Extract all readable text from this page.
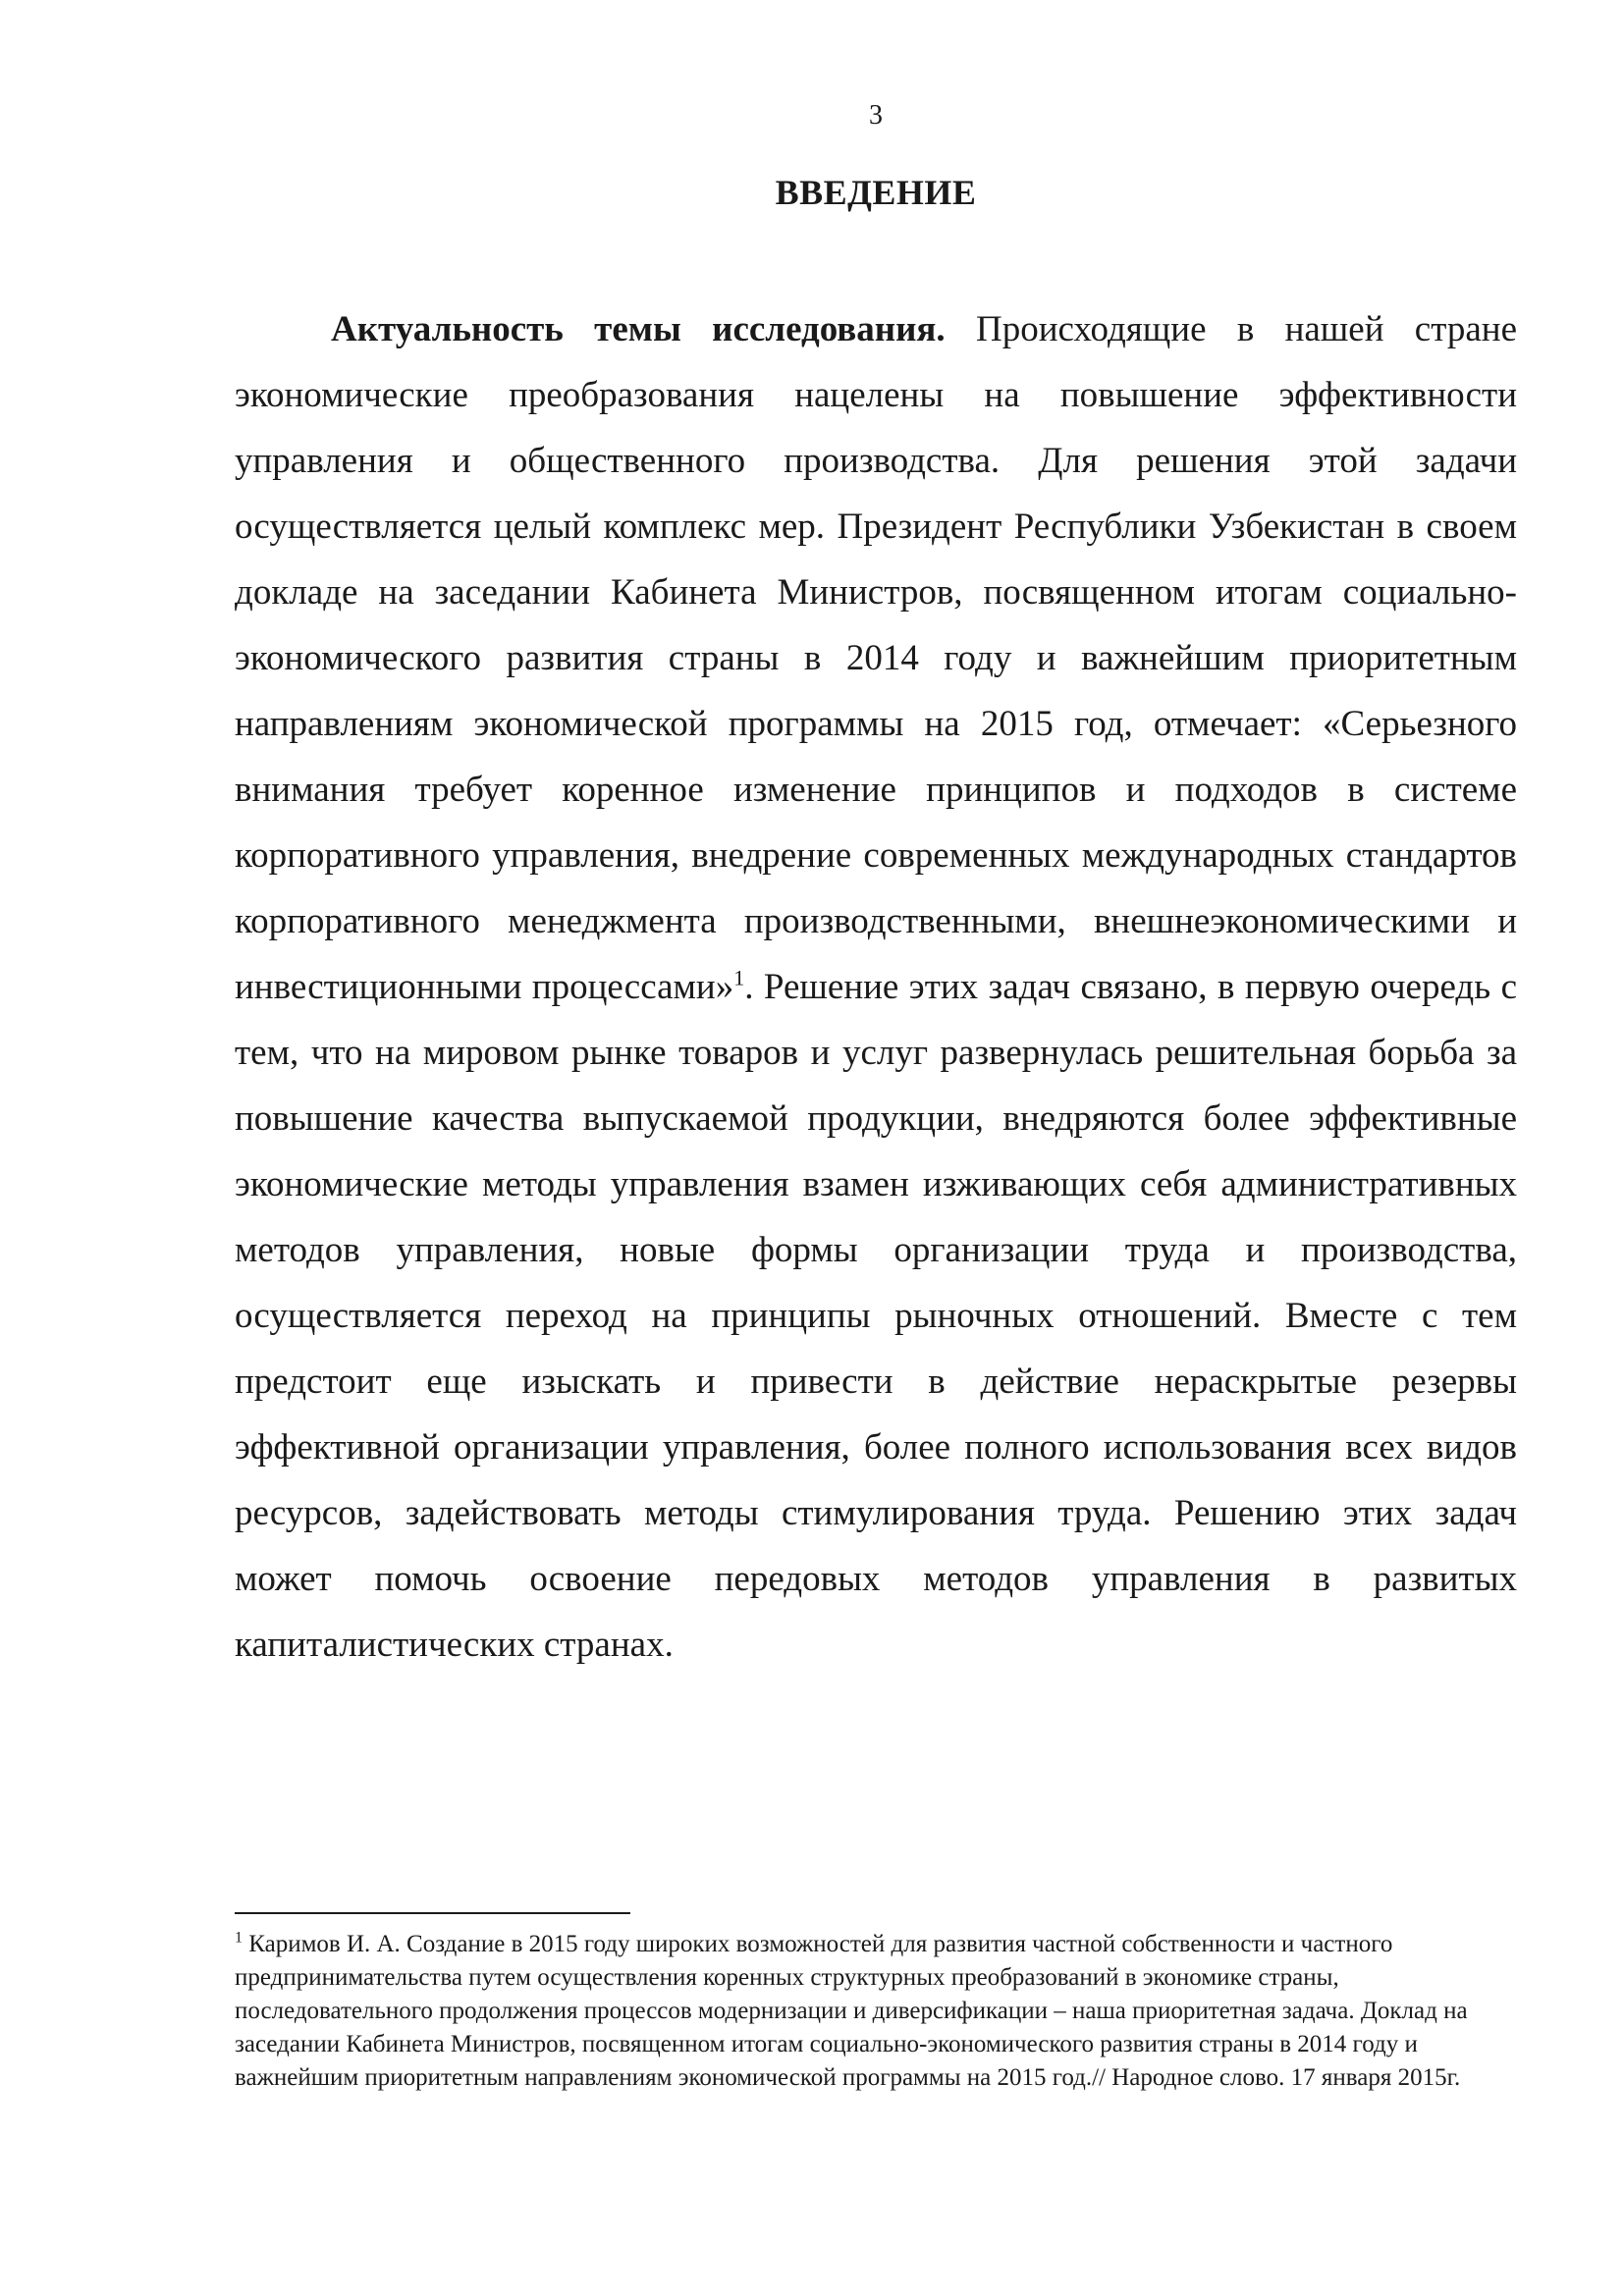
3
ВВЕДЕНИЕ

Актуальность темы исследования. Происходящие в нашей стране экономические преобразования нацелены на повышение эффективности управления и общественного производства. Для решения этой задачи осуществляется целый комплекс мер. Президент Республики Узбекистан в своем докладе на заседании Кабинета Министров, посвященном итогам социально-экономического развития страны в 2014 году и важнейшим приоритетным направлениям экономической программы на 2015 год, отмечает: «Серьезного внимания требует коренное изменение принципов и подходов в системе корпоративного управления, внедрение современных международных стандартов корпоративного менеджмента производственными, внешнеэкономическими и инвестиционными процессами»$^1$. Решение этих задач связано, в первую очередь с тем, что на мировом рынке товаров и услуг развернулась решительная борьба за повышение качества выпускаемой продукции, внедряются более эффективные экономические методы управления взамен изживающих себя административных методов управления, новые формы организации труда и производства, осуществляется переход на принципы рыночных отношений. Вместе с тем предстоит еще изыскать и привести в действие нераскрытые резервы эффективной организации управления, более полного использования всех видов ресурсов, задействовать методы стимулирования труда. Решению этих задач может помочь освоение передовых методов управления в развитых капиталистических странах.

$^1$ Каримов И. А. Создание в 2015 году широких возможностей для развития частной собственности и частного предпринимательства путем осуществления коренных структурных преобразований в экономике страны, последовательного продолжения процессов модернизации и диверсификации – наша приоритетная задача. Доклад на заседании Кабинета Министров, посвященном итогам социально-экономического развития страны в 2014 году и важнейшим приоритетным направлениям экономической программы на 2015 год.// Народное слово. 17 января 2015г.
